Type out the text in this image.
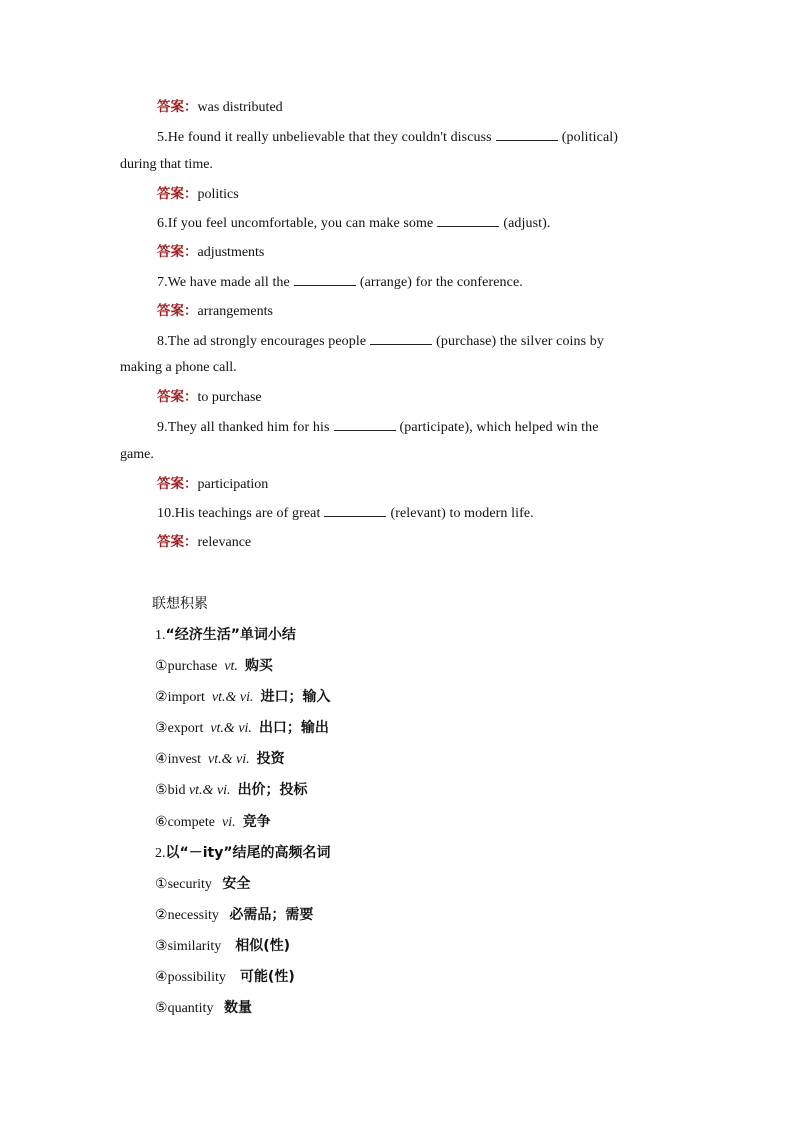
答案：was distributed
5.He found it really unbelievable that they couldn't discuss	(political)
during that time.
答案：politics
6.If you feel uncomfortable, you can make some	(adjust).
答案：adjustments
7.We have made all the	(arrange) for the conference.
答案：arrangements
8.The ad strongly encourages people	(purchase) the silver coins by
making a phone call.
答案：to purchase
9.They all thanked him for his	(participate), which helped win the
game.
答案：participation
10.His teachings are of great	(relevant) to modern life.
答案：relevance
联想积累
1.“经济生活”单词小结
①purchase vt. 购买
②import vt.& vi. 进口；输入
③export vt.& vi. 出口；输出
④invest vt.& vi. 投资
⑤bid vt.& vi. 出价；投标
⑥compete vi. 竞争
2.以“－ity”结尾的高频名词
①security 安全
②necessity 必需品；需要
③similarity 相似(性)
④possibility 可能(性)
⑤quantity 数量
